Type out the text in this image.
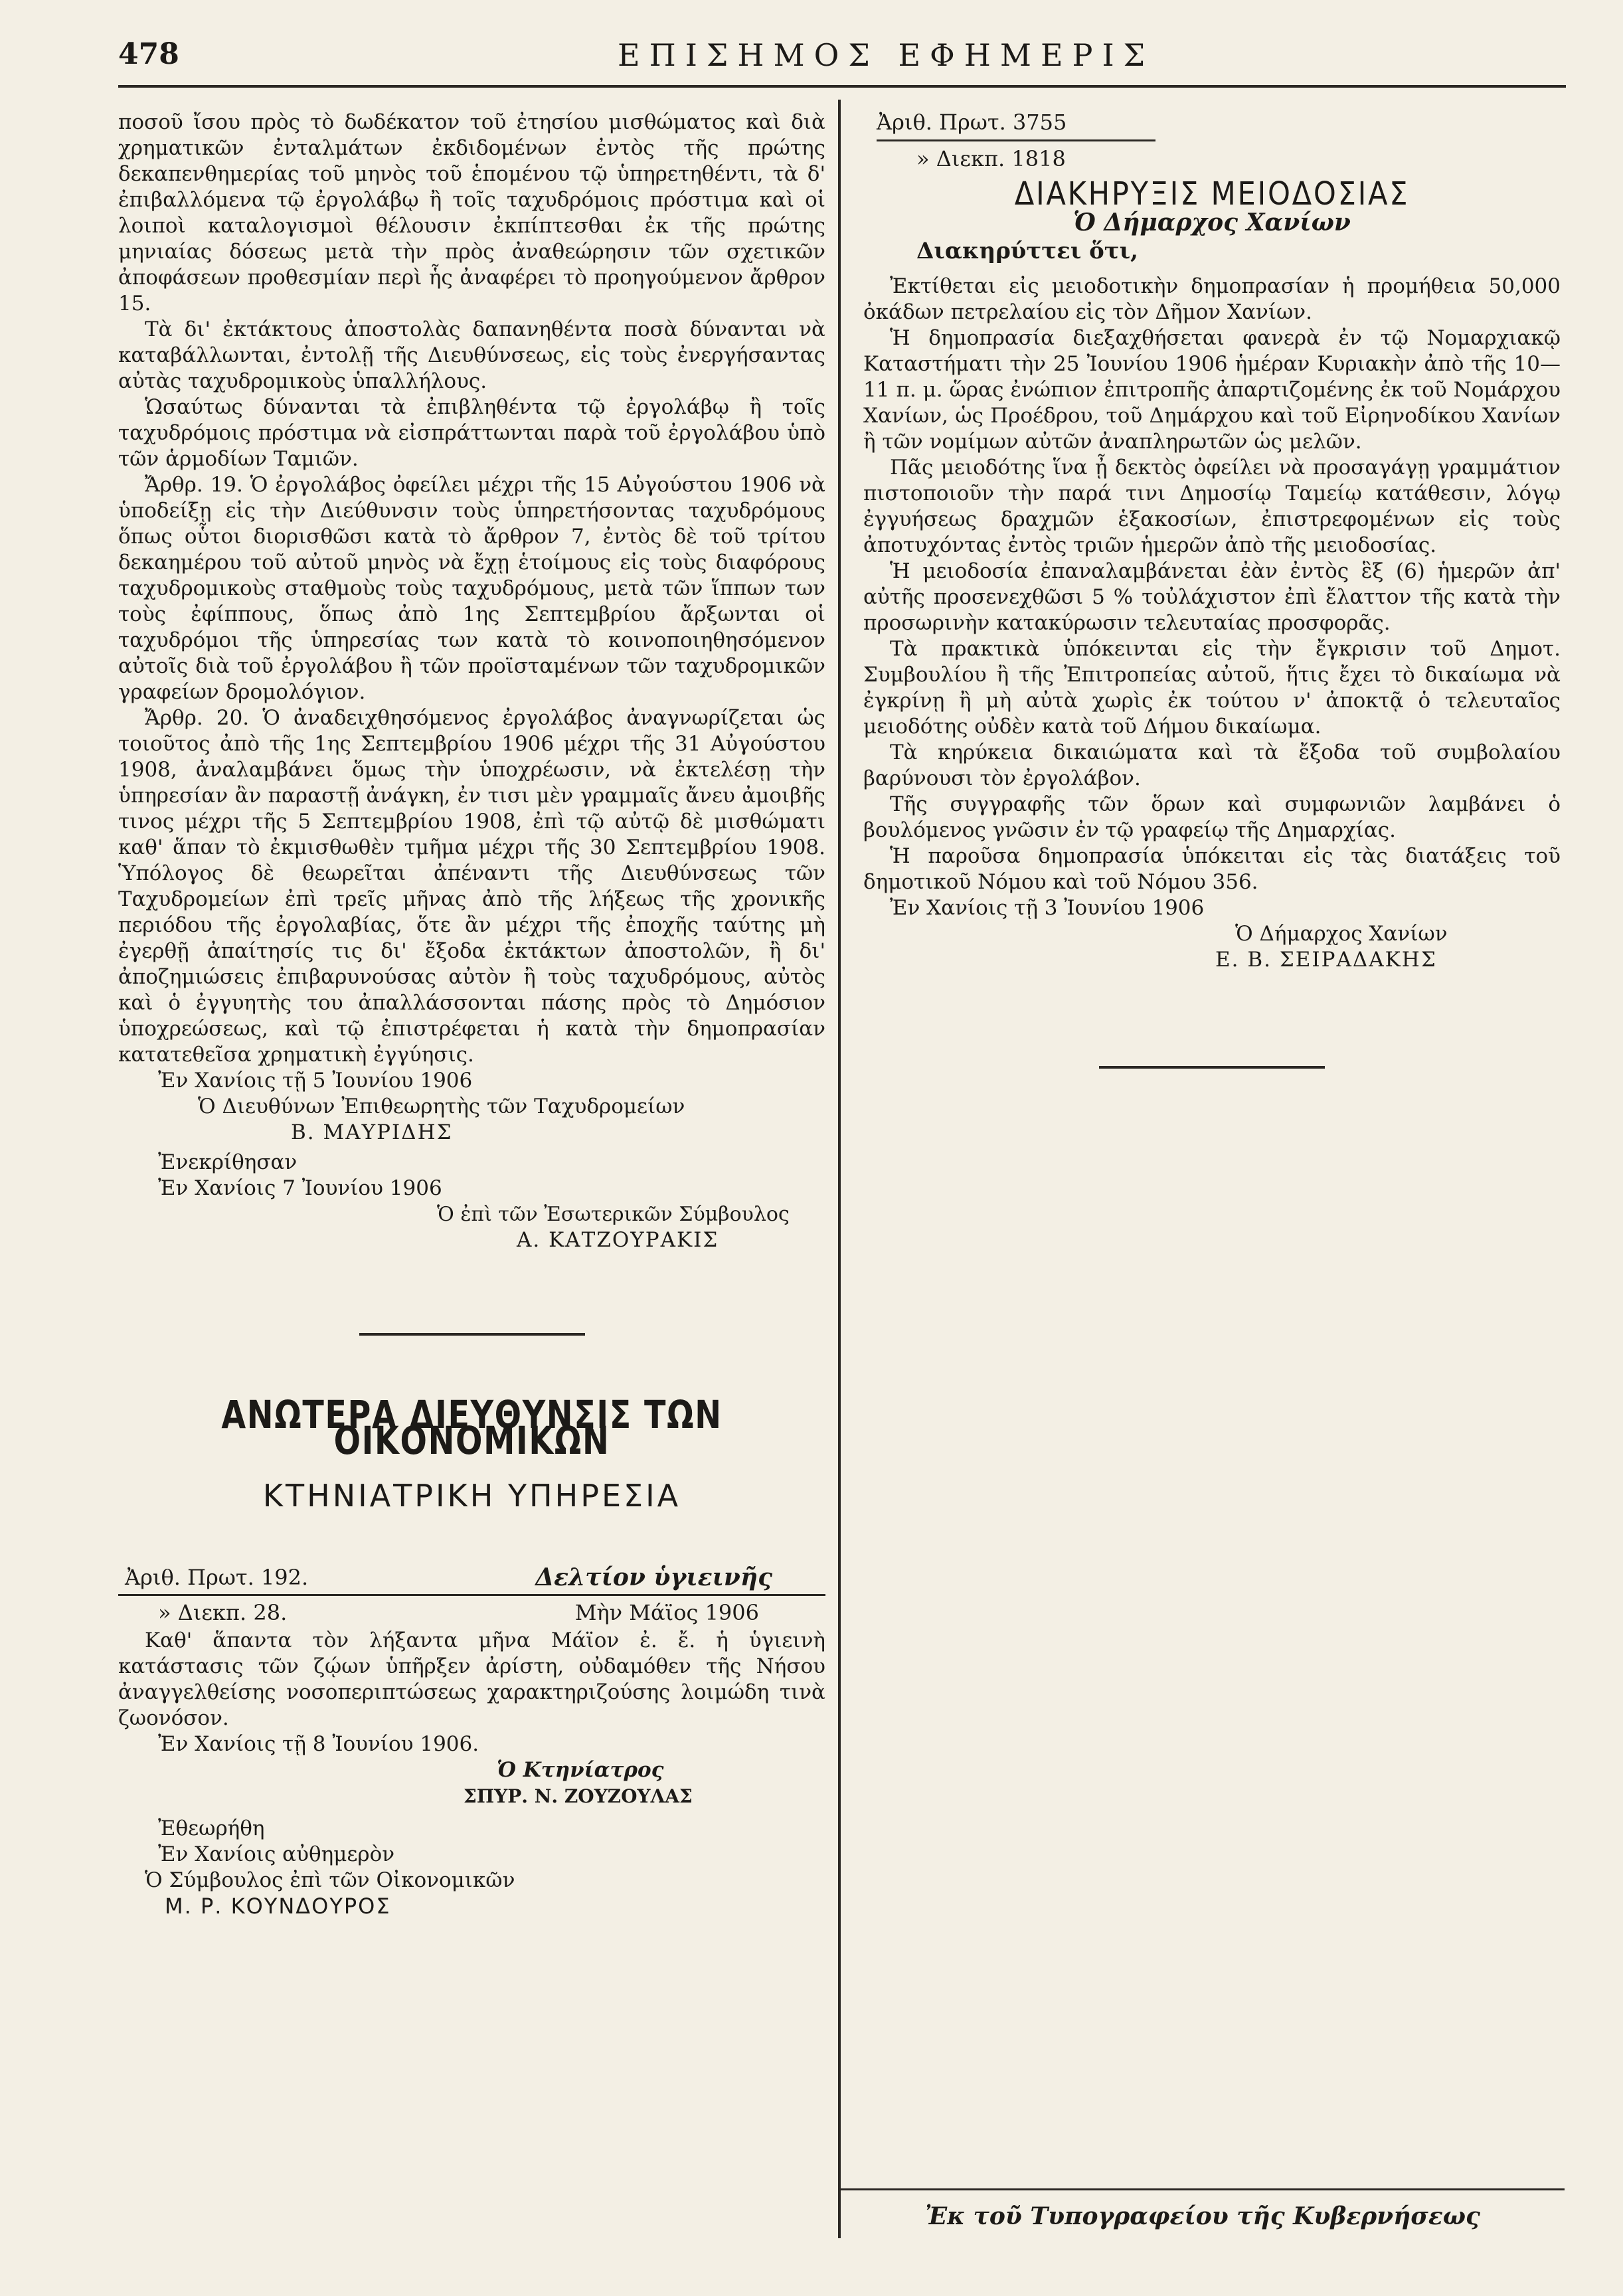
478	ΕΠΙΣΗΜΟΣ ΕΦΗΜΕΡΙΣ

ποσοῦ ἴσου πρὸς τὸ δωδέκατον τοῦ ἐτησίου μισθώματος καὶ διὰ χρηματικῶν ἐνταλμάτων ἐκδιδομένων ἐντὸς τῆς πρώτης δεκαπενθημερίας τοῦ μηνὸς τοῦ ἑπομένου τῷ ὑπηρετηθέντι, τὰ δ' ἐπιβαλλόμενα τῷ ἐργολάβῳ ἢ τοῖς ταχυδρόμοις πρόστιμα καὶ οἱ λοιποὶ καταλογισμοὶ θέλουσιν ἐκπίπτεσθαι ἐκ τῆς πρώτης μηνιαίας δόσεως μετὰ τὴν πρὸς ἀναθεώρησιν τῶν σχετικῶν ἀποφάσεων προθεσμίαν περὶ ἧς ἀναφέρει τὸ προηγούμενον ἄρθρον 15.

Τὰ δι' ἐκτάκτους ἀποστολὰς δαπανηθέντα ποσὰ δύνανται νὰ καταβάλλωνται, ἐντολῇ τῆς Διευθύνσεως, εἰς τοὺς ἐνεργήσαντας αὐτὰς ταχυδρομικοὺς ὑπαλλήλους.

Ὡσαύτως δύνανται τὰ ἐπιβληθέντα τῷ ἐργολάβῳ ἢ τοῖς ταχυδρόμοις πρόστιμα νὰ εἰσπράττωνται παρὰ τοῦ ἐργολάβου ὑπὸ τῶν ἁρμοδίων Ταμιῶν.

Ἄρθρ. 19. Ὁ ἐργολάβος ὀφείλει μέχρι τῆς 15 Αὐγούστου 1906 νὰ ὑποδείξῃ εἰς τὴν Διεύθυνσιν τοὺς ὑπηρετήσοντας ταχυδρόμους ὅπως οὗτοι διορισθῶσι κατὰ τὸ ἄρθρον 7, ἐντὸς δὲ τοῦ τρίτου δεκαημέρου τοῦ αὐτοῦ μηνὸς νὰ ἔχῃ ἑτοίμους εἰς τοὺς διαφόρους ταχυδρομικοὺς σταθμοὺς τοὺς ταχυδρόμους, μετὰ τῶν ἵππων των τοὺς ἐφίππους, ὅπως ἀπὸ 1ης Σεπτεμβρίου ἄρξωνται οἱ ταχυδρόμοι τῆς ὑπηρεσίας των κατὰ τὸ κοινοποιηθησόμενον αὐτοῖς διὰ τοῦ ἐργολάβου ἢ τῶν προϊσταμένων τῶν ταχυδρομικῶν γραφείων δρομολόγιον.

Ἄρθρ. 20. Ὁ ἀναδειχθησόμενος ἐργολάβος ἀναγνωρίζεται ὡς τοιοῦτος ἀπὸ τῆς 1ης Σεπτεμβρίου 1906 μέχρι τῆς 31 Αὐγούστου 1908, ἀναλαμβάνει ὅμως τὴν ὑποχρέωσιν, νὰ ἐκτελέσῃ τὴν ὑπηρεσίαν ἂν παραστῇ ἀνάγκη, ἐν τισι μὲν γραμμαῖς ἄνευ ἀμοιβῆς τινος μέχρι τῆς 5 Σεπτεμβρίου 1908, ἐπὶ τῷ αὐτῷ δὲ μισθώματι καθ' ἅπαν τὸ ἐκμισθωθὲν τμῆμα μέχρι τῆς 30 Σεπτεμβρίου 1908. Ὑπόλογος δὲ θεωρεῖται ἀπέναντι τῆς Διευθύνσεως τῶν Ταχυδρομείων ἐπὶ τρεῖς μῆνας ἀπὸ τῆς λήξεως τῆς χρονικῆς περιόδου τῆς ἐργολαβίας, ὅτε ἂν μέχρι τῆς ἐποχῆς ταύτης μὴ ἐγερθῇ ἀπαίτησίς τις δι' ἔξοδα ἐκτάκτων ἀποστολῶν, ἢ δι' ἀποζημιώσεις ἐπιβαρυνούσας αὐτὸν ἢ τοὺς ταχυδρόμους, αὐτὸς καὶ ὁ ἐγγυητὴς του ἀπαλλάσσονται πάσης πρὸς τὸ Δημόσιον ὑποχρεώσεως, καὶ τῷ ἐπιστρέφεται ἡ κατὰ τὴν δημοπρασίαν κατατεθεῖσα χρηματικὴ ἐγγύησις.

Ἐν Χανίοις τῇ 5 Ἰουνίου 1906

Ὁ Διευθύνων Ἐπιθεωρητὴς τῶν Ταχυδρομείων

Β. ΜΑΥΡΙΔΗΣ

Ἐνεκρίθησαν

Ἐν Χανίοις 7 Ἰουνίου 1906

Ὁ ἐπὶ τῶν Ἐσωτερικῶν Σύμβουλος

Α. ΚΑΤΖΟΥΡΑΚΙΣ

ΑΝΩΤΕΡΑ ΔΙΕΥΘΥΝΣΙΣ ΤΩΝ ΟΙΚΟΝΟΜΙΚΩΝ

ΚΤΗΝΙΑΤΡΙΚΗ ΥΠΗΡΕΣΙΑ

Ἀριθ. Πρωτ. 192.	Δελτίον ὑγιεινῆς
» Διεκπ. 28.	Μὴν Μάϊος 1906

Καθ' ἅπαντα τὸν λήξαντα μῆνα Μάϊον ἐ. ἔ. ἡ ὑγιεινὴ κατάστασις τῶν ζῴων ὑπῆρξεν ἀρίστη, οὐδαμόθεν τῆς Νήσου ἀναγγελθείσης νοσοπεριπτώσεως χαρακτηριζούσης λοιμώδη τινὰ ζωονόσον.

Ἐν Χανίοις τῇ 8 Ἰουνίου 1906.

Ὁ Κτηνίατρος

ΣΠΥΡ. Ν. ΖΟΥΖΟΥΛΑΣ

Ἐθεωρήθη

Ἐν Χανίοις αὐθημερὸν

Ὁ Σύμβουλος ἐπὶ τῶν Οἰκονομικῶν

Μ. Ρ. ΚΟΥΝΔΟΥΡΟΣ

Ἀριθ. Πρωτ. 3755
» Διεκπ. 1818

ΔΙΑΚΗΡΥΞΙΣ ΜΕΙΟΔΟΣΙΑΣ

Ὁ Δήμαρχος Χανίων

Διακηρύττει ὅτι,

Ἐκτίθεται εἰς μειοδοτικὴν δημοπρασίαν ἡ προμήθεια 50,000 ὀκάδων πετρελαίου εἰς τὸν Δῆμον Χανίων.

Ἡ δημοπρασία διεξαχθήσεται φανερὰ ἐν τῷ Νομαρχιακῷ Καταστήματι τὴν 25 Ἰουνίου 1906 ἡμέραν Κυριακὴν ἀπὸ τῆς 10—11 π. μ. ὥρας ἐνώπιον ἐπιτροπῆς ἀπαρτιζομένης ἐκ τοῦ Νομάρχου Χανίων, ὡς Προέδρου, τοῦ Δημάρχου καὶ τοῦ Εἰρηνοδίκου Χανίων ἢ τῶν νομίμων αὐτῶν ἀναπληρωτῶν ὡς μελῶν.

Πᾶς μειοδότης ἵνα ᾖ δεκτὸς ὀφείλει νὰ προσαγάγῃ γραμμάτιον πιστοποιοῦν τὴν παρά τινι Δημοσίῳ Ταμείῳ κατάθεσιν, λόγῳ ἐγγυήσεως δραχμῶν ἑξακοσίων, ἐπιστρεφομένων εἰς τοὺς ἀποτυχόντας ἐντὸς τριῶν ἡμερῶν ἀπὸ τῆς μειοδοσίας.

Ἡ μειοδοσία ἐπαναλαμβάνεται ἐὰν ἐντὸς ἓξ (6) ἡμερῶν ἀπ' αὐτῆς προσενεχθῶσι 5 % τοὐλάχιστον ἐπὶ ἔλαττον τῆς κατὰ τὴν προσωρινὴν κατακύρωσιν τελευταίας προσφορᾶς.

Τὰ πρακτικὰ ὑπόκεινται εἰς τὴν ἔγκρισιν τοῦ Δημοτ. Συμβουλίου ἢ τῆς Ἐπιτροπείας αὐτοῦ, ἥτις ἔχει τὸ δικαίωμα νὰ ἐγκρίνῃ ἢ μὴ αὐτὰ χωρὶς ἐκ τούτου ν' ἀποκτᾷ ὁ τελευταῖος μειοδότης οὐδὲν κατὰ τοῦ Δήμου δικαίωμα.

Τὰ κηρύκεια δικαιώματα καὶ τὰ ἔξοδα τοῦ συμβολαίου βαρύνουσι τὸν ἐργολάβον.

Τῆς συγγραφῆς τῶν ὅρων καὶ συμφωνιῶν λαμβάνει ὁ βουλόμενος γνῶσιν ἐν τῷ γραφείῳ τῆς Δημαρχίας.

Ἡ παροῦσα δημοπρασία ὑπόκειται εἰς τὰς διατάξεις τοῦ δημοτικοῦ Νόμου καὶ τοῦ Νόμου 356.

Ἐν Χανίοις τῇ 3 Ἰουνίου 1906

Ὁ Δήμαρχος Χανίων

Ε. Β. ΣΕΙΡΑΔΑΚΗΣ

Ἐκ τοῦ Τυπογραφείου τῆς Κυβερνήσεως
